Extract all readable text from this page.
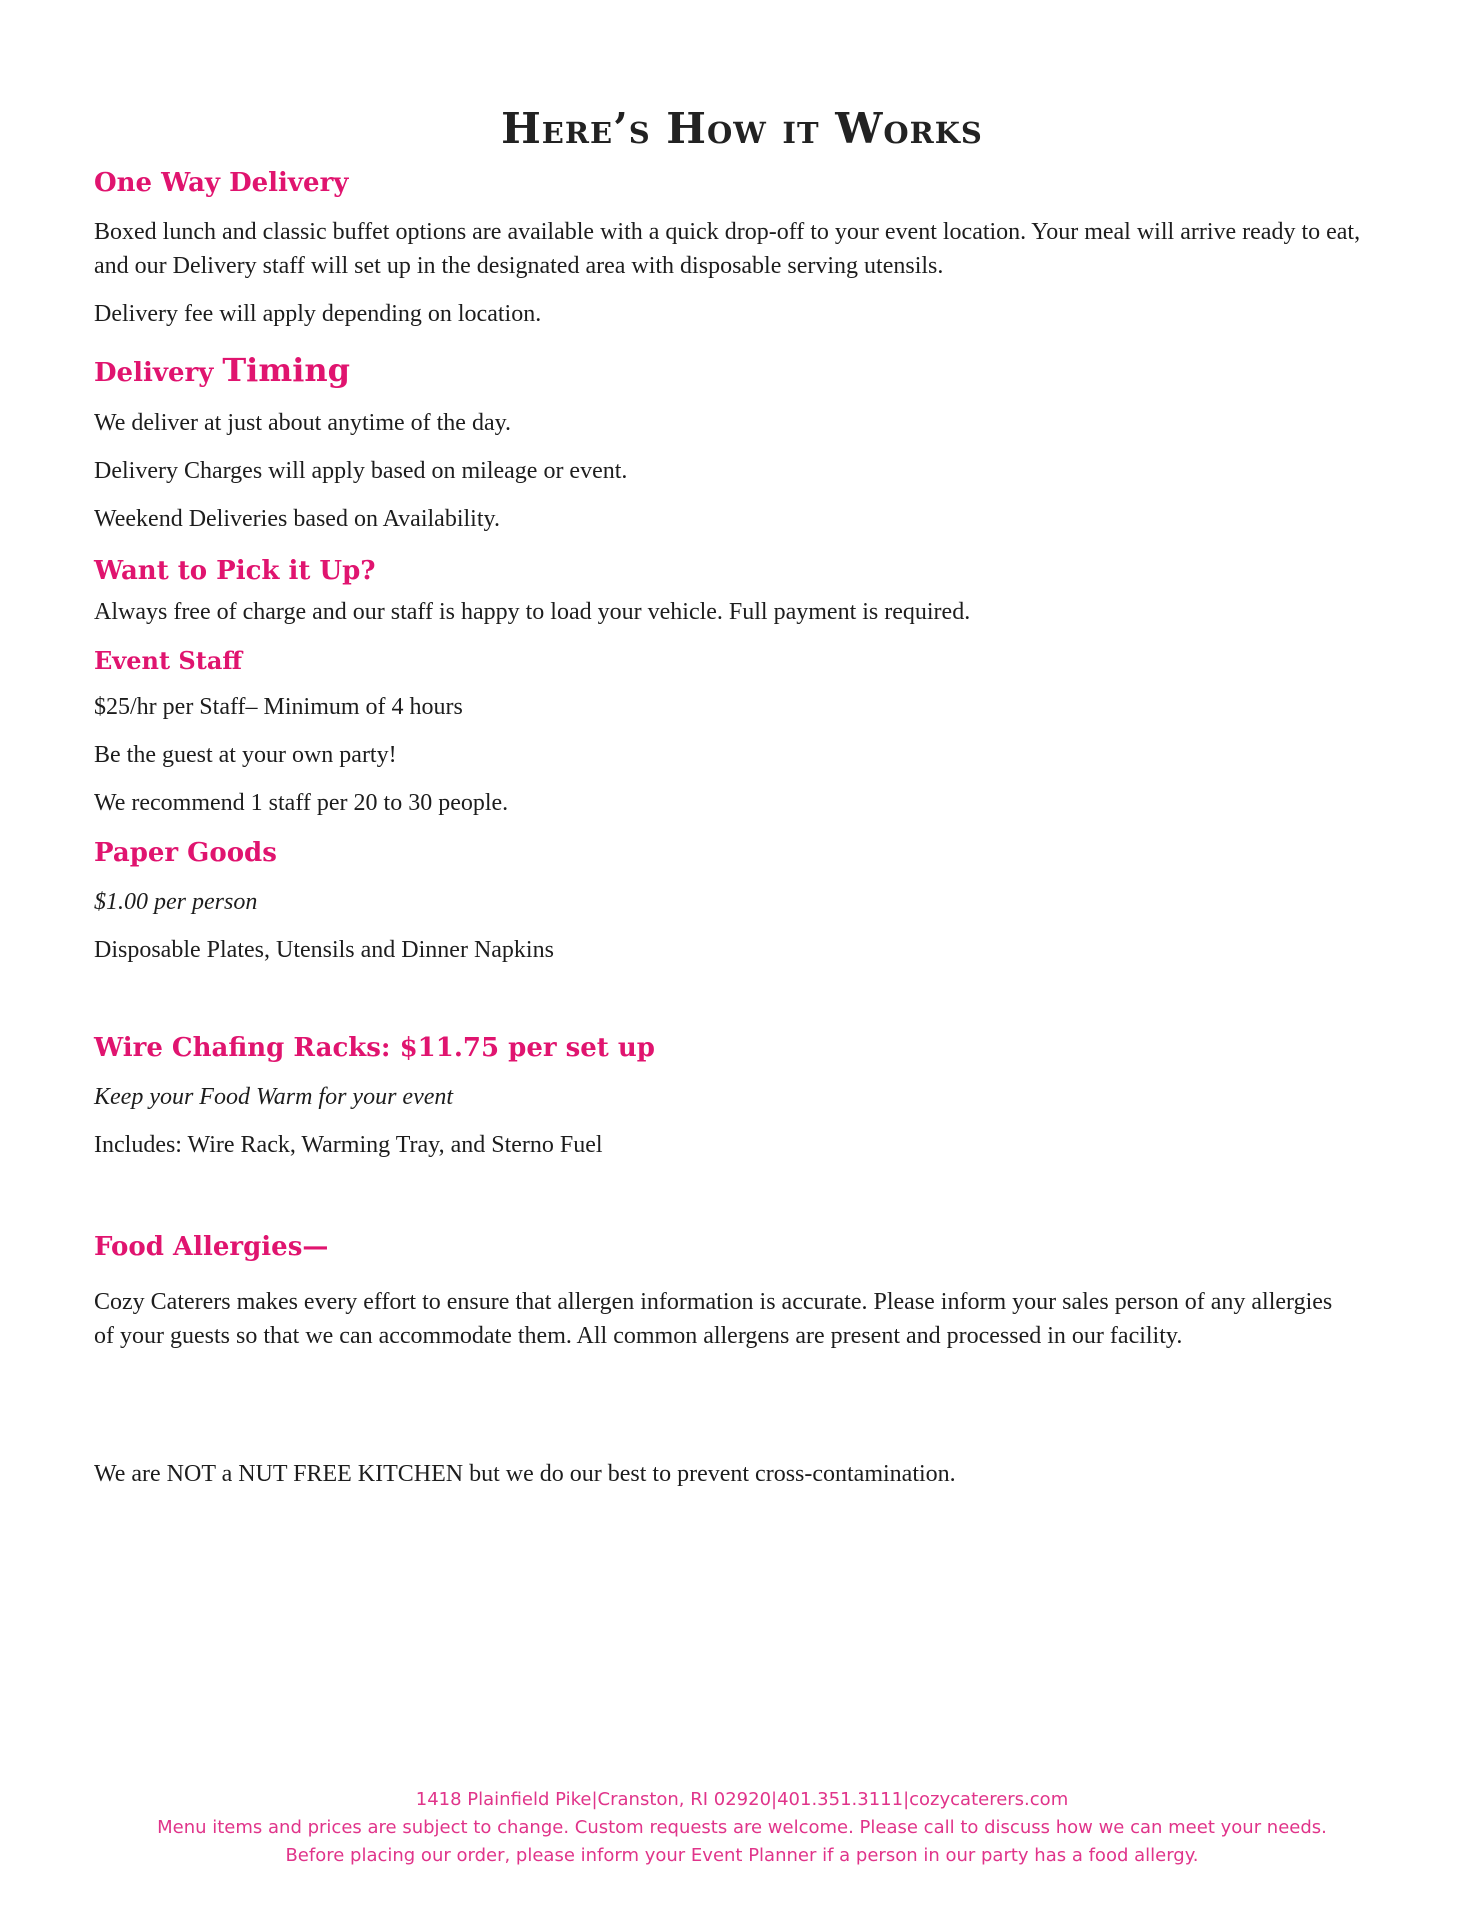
Here’s How it Works
One Way Delivery

Boxed lunch and classic buffet options are available with a quick drop-off to your event location. Your meal will arrive ready to eat, and our Delivery staff will set up in the designated area with disposable serving utensils.

Delivery fee will apply depending on location.

Delivery Timing

We deliver at just about anytime of the day.

Delivery Charges will apply based on mileage or event.

Weekend Deliveries based on Availability.

Want to Pick it Up?

Always free of charge and our staff is happy to load your vehicle. Full payment is required.

Event Staff

$25/hr per Staff– Minimum of 4 hours

Be the guest at your own party!

We recommend 1 staff per 20 to 30 people.

Paper Goods

$1.00 per person

Disposable Plates, Utensils and Dinner Napkins

Wire Chafing Racks: $11.75 per set up

Keep your Food Warm for your event

Includes: Wire Rack, Warming Tray, and Sterno Fuel

Food Allergies—

Cozy Caterers makes every effort to ensure that allergen information is accurate. Please inform your sales person of any allergies of your guests so that we can accommodate them. All common allergens are present and processed in our facility.

We are NOT a NUT FREE KITCHEN but we do our best to prevent cross-contamination.

1418 Plainfield Pike|Cranston, RI 02920|401.351.3111|cozycaterers.com
Menu items and prices are subject to change. Custom requests are welcome. Please call to discuss how we can meet your needs.
Before placing our order, please inform your Event Planner if a person in our party has a food allergy.
